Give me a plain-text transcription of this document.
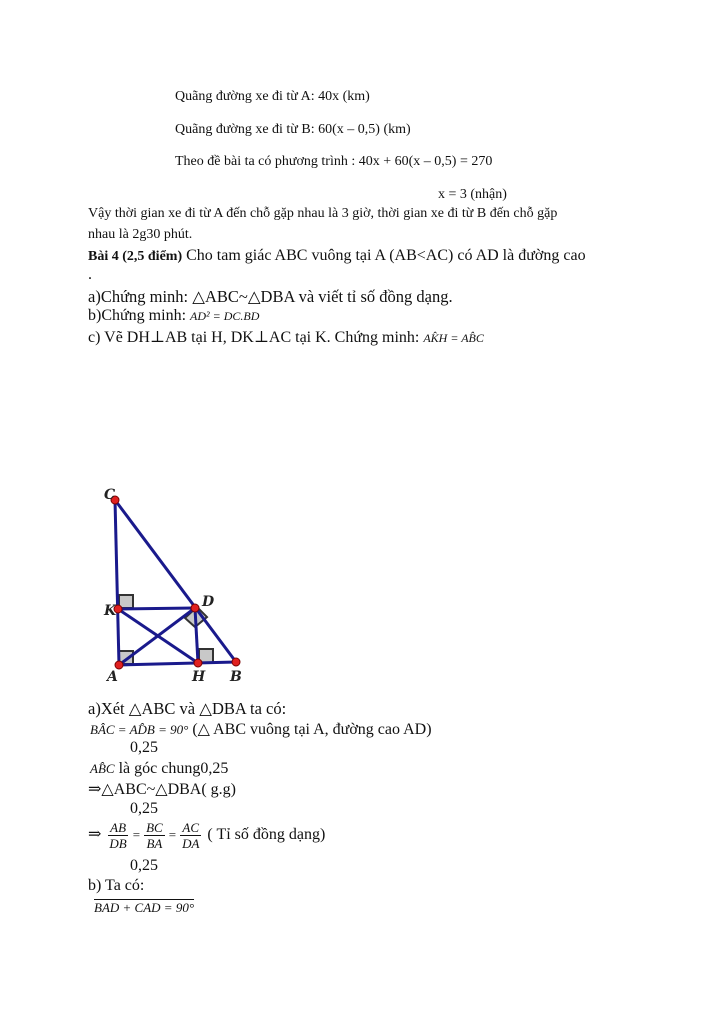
Quãng đường xe đi từ A: 40x (km)
Quãng đường xe đi từ B: 60(x – 0,5) (km)
Theo đề bài ta có phương trình : 40x + 60(x – 0,5) = 270
x = 3 (nhận)
Vậy thời gian xe đi từ A đến chỗ gặp nhau là 3 giờ, thời gian xe đi từ B đến chỗ gặp
nhau là 2g30 phút.
Bài 4 (2,5 điểm) Cho tam giác ABC vuông tại A (AB<AC) có AD là đường cao
.
a)Chứng minh: △ABC~△DBA và viết tỉ số đồng dạng.
b)Chứng minh: AD² = DC.BD
c) Vẽ DH⊥AB tại H, DK⊥AC tại K. Chứng minh: AK̂H = AB̂C
C
K
D
A	H B
a)Xét △ABC và △DBA ta có:
BÂC = AD̂B = 90° (△ ABC vuông tại A, đường cao AD)
0,25
AB̂C là góc chung0,25
⇒△ABC~△DBA( g.g)
0,25
⇒ $\frac{AB}{DB} = \frac{BC}{BA} = \frac{AC}{DA}$ ( Tỉ số đồng dạng)
0,25
b) Ta có:
BAD + CAD = 90°
